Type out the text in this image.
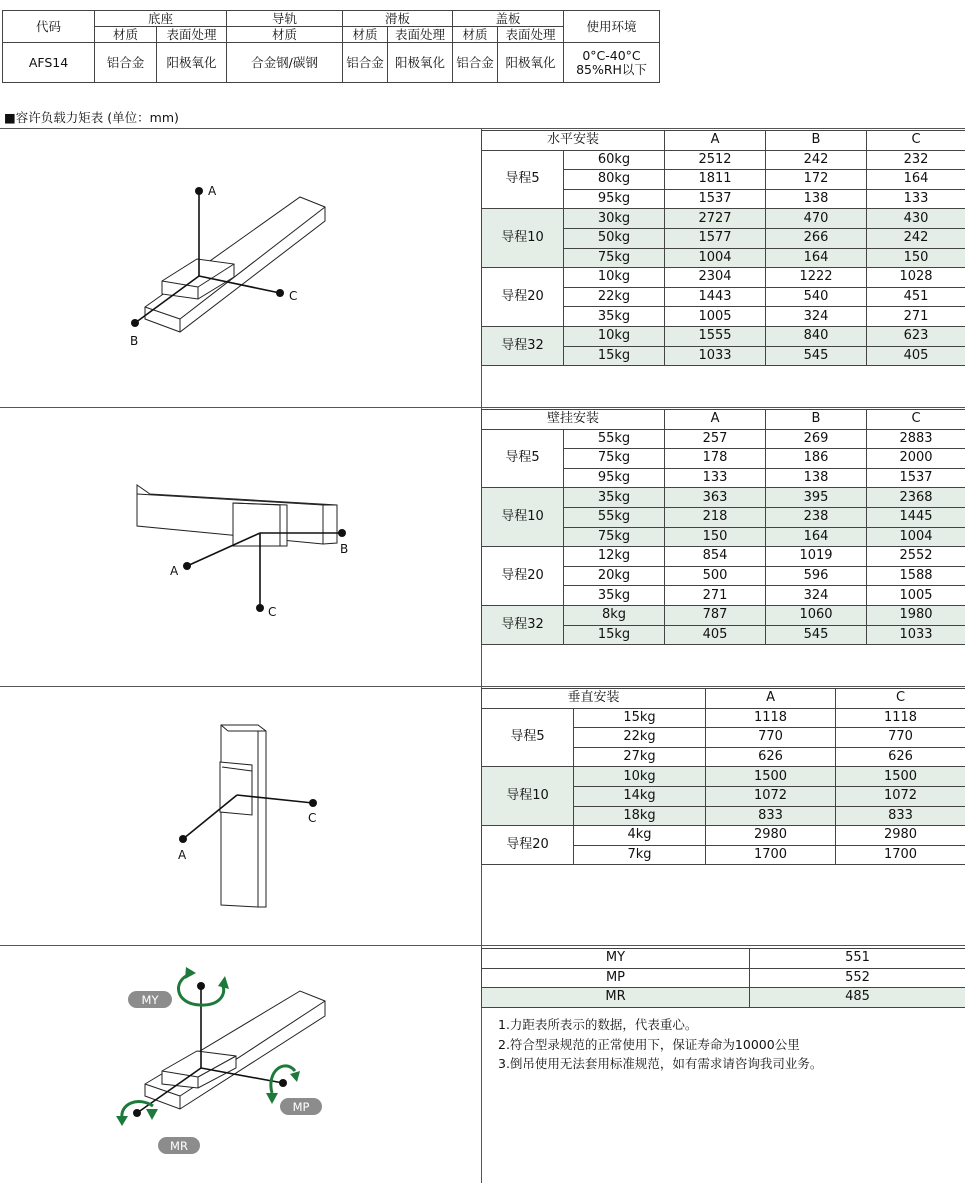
代码	底座		导轨	滑板		盖板		使用环境
	材质	表面处理	材质	材质	表面处理	材质	表面处理	
AFS14	铝合金	阳极氧化	合金钢/碳钢	铝合金	阳极氧化	铝合金	阳极氧化	0°C-40°C
85%RH以下
■容许负载力矩表 (单位：mm)
水平安装		A	B	C
导程5	60kg	2512	242	232
	80kg	1811	172	164
	95kg	1537	138	133
导程10	30kg	2727	470	430
	50kg	1577	266	242
	75kg	1004	164	150
导程20	10kg	2304	1222	1028
	22kg	1443	540	451
	35kg	1005	324	271
导程32	10kg	1555	840	623
	15kg	1033	545	405
壁挂安装		A	B	C
导程5	55kg	257	269	2883
	75kg	178	186	2000
	95kg	133	138	1537
导程10	35kg	363	395	2368
	55kg	218	238	1445
	75kg	150	164	1004
导程20	12kg	854	1019	2552
	20kg	500	596	1588
	35kg	271	324	1005
导程32	8kg	787	1060	1980
	15kg	405	545	1033
垂直安装		A	C
导程5	15kg	1118	1118
	22kg	770	770
	27kg	626	626
导程10	10kg	1500	1500
	14kg	1072	1072
	18kg	833	833
导程20	4kg	2980	2980
	7kg	1700	1700
MY	551
MP	552
MR	485
1.力距表所表示的数据，代表重心。
2.符合型录规范的正常使用下，保证寿命为10000公里
3.倒吊使用无法套用标准规范，如有需求请咨询我司业务。
A
C
B
B
A
C
C
A
MY
MP
MR
